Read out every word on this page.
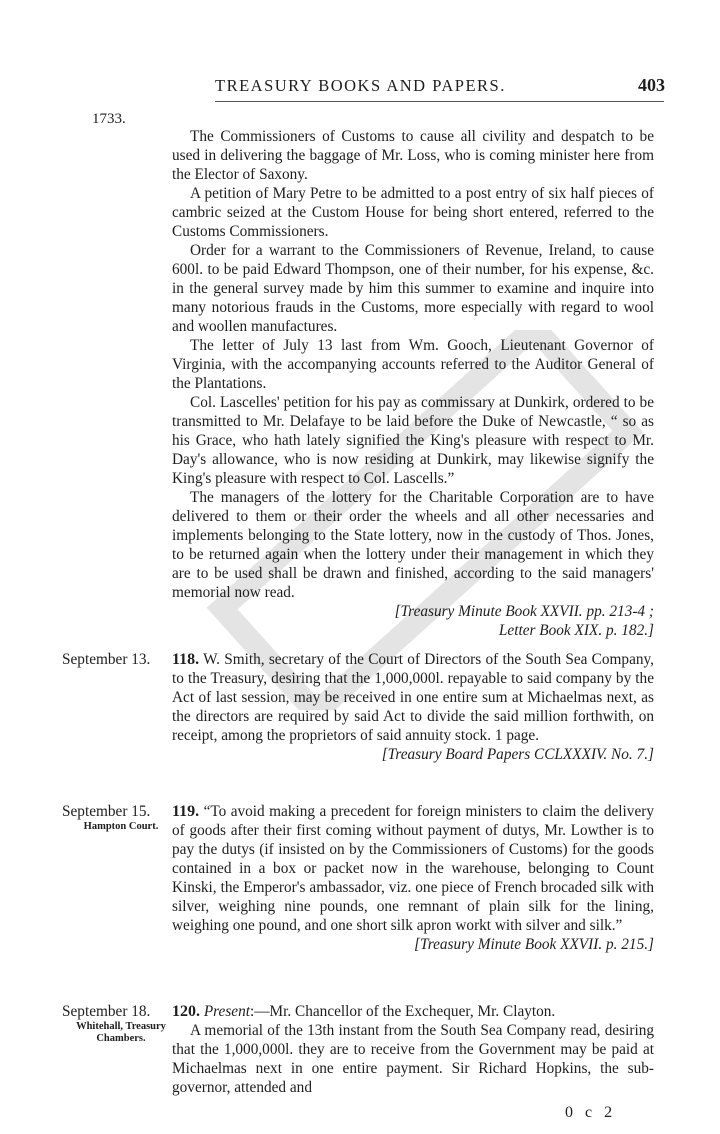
TREASURY BOOKS AND PAPERS.	403
1733.

The Commissioners of Customs to cause all civility and despatch to be used in delivering the baggage of Mr. Loss, who is coming minister here from the Elector of Saxony.

A petition of Mary Petre to be admitted to a post entry of six half pieces of cambric seized at the Custom House for being short entered, referred to the Customs Commissioners.

Order for a warrant to the Commissioners of Revenue, Ireland, to cause 600l. to be paid Edward Thompson, one of their number, for his expense, &c. in the general survey made by him this summer to examine and inquire into many notorious frauds in the Customs, more especially with regard to wool and woollen manufactures.

The letter of July 13 last from Wm. Gooch, Lieutenant Governor of Virginia, with the accompanying accounts referred to the Auditor General of the Plantations.

Col. Lascelles' petition for his pay as commissary at Dunkirk, ordered to be transmitted to Mr. Delafaye to be laid before the Duke of Newcastle, “ so as his Grace, who hath lately signified the King's pleasure with respect to Mr. Day's allowance, who is now residing at Dunkirk, may likewise signify the King's pleasure with respect to Col. Lascells.”

The managers of the lottery for the Charitable Corporation are to have delivered to them or their order the wheels and all other necessaries and implements belonging to the State lottery, now in the custody of Thos. Jones, to be returned again when the lottery under their management in which they are to be used shall be drawn and finished, according to the said managers' memorial now read.

[Treasury Minute Book XXVII. pp. 213-4 ;
Letter Book XIX. p. 182.]
September 13.	118. W. Smith, secretary of the Court of Directors of the South Sea Company, to the Treasury, desiring that the 1,000,000l. repayable to said company by the Act of last session, may be received in one entire sum at Michaelmas next, as the directors are required by said Act to divide the said million forthwith, on receipt, among the proprietors of said annuity stock. 1 page.
[Treasury Board Papers CCLXXXIV. No. 7.]
September 15.
Hampton Court.
119. “To avoid making a precedent for foreign ministers to claim the delivery of goods after their first coming without payment of dutys, Mr. Lowther is to pay the dutys (if insisted on by the Commissioners of Customs) for the goods contained in a box or packet now in the warehouse, belonging to Count Kinski, the Emperor's ambassador, viz. one piece of French brocaded silk with silver, weighing nine pounds, one remnant of plain silk for the lining, weighing one pound, and one short silk apron workt with silver and silk.”
[Treasury Minute Book XXVII. p. 215.]
September 18.
Whitehall, Treasury Chambers.
120. Present:—Mr. Chancellor of the Exchequer, Mr. Clayton.

A memorial of the 13th instant from the South Sea Company read, desiring that the 1,000,000l. they are to receive from the Government may be paid at Michaelmas next in one entire payment. Sir Richard Hopkins, the sub-governor, attended and

0 c 2
